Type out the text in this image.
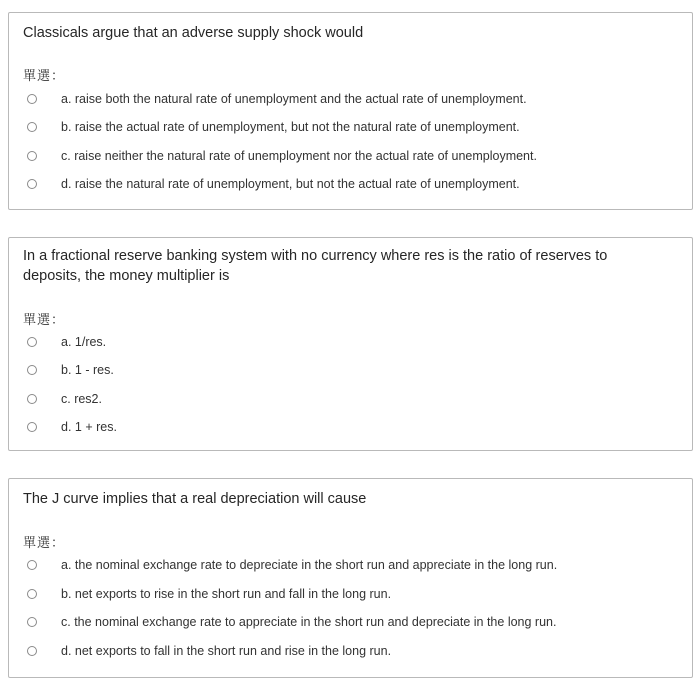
Classicals argue that an adverse supply shock would
單選：
a. raise both the natural rate of unemployment and the actual rate of unemployment.
b. raise the actual rate of unemployment, but not the natural rate of unemployment.
c. raise neither the natural rate of unemployment nor the actual rate of unemployment.
d. raise the natural rate of unemployment, but not the actual rate of unemployment.
In a fractional reserve banking system with no currency where res is the ratio of reserves to deposits, the money multiplier is
單選：
a. 1/res.
b. 1 - res.
c. res2.
d. 1 + res.
The J curve implies that a real depreciation will cause
單選：
a. the nominal exchange rate to depreciate in the short run and appreciate in the long run.
b. net exports to rise in the short run and fall in the long run.
c. the nominal exchange rate to appreciate in the short run and depreciate in the long run.
d. net exports to fall in the short run and rise in the long run.
